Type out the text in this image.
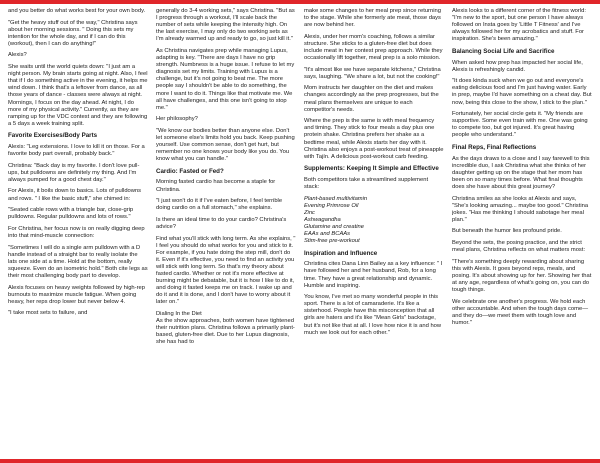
and you better do what works best for your own body.
"Get the heavy stuff out of the way," Christina says about her morning sessions. " Doing this sets my intention for the whole day, and if I can do this (workout), then I can do anything!"
Alexis?
She waits until the world quiets down: "I just am a night person. My brain starts going at night. Also, I feel that if I do something active in the evening, it helps me wind down. I think that's a leftover from dance, as all those years of dance - classes were always at night. Mornings, I focus on the day ahead. At night, I do more of my physical activity." Currently, as they are ramping up for the VDC contest and they are following a 5 days a week training split.
Favorite Exercises/Body Parts
Alexis: "Leg extensions. I love to kill it on those. For a favorite body part overall, probably back."
Christina: "Back day is my favorite. I don't love pull-ups, but pulldowns are definitely my thing. And I'm always pumped for a good chest day."
For Alexis, it boils down to basics. Lots of pulldowns and rows. " I like the basic stuff," she chimed in:
"Seated cable rows with a triangle bar, close-grip pulldowns. Regular pulldowns and lots of rows."
For Christina, her focus now is on really digging deep into that mind-muscle connection:
"Sometimes I will do a single arm pulldown with a D handle instead of a straight bar to really isolate the lats one side at a time. Hold at the bottom, really squeeze. Even do an isometric hold." Both cite legs as their most challenging body part to develop.
Alexis focuses on heavy weights followed by high-rep burnouts to maximize muscle fatigue. When going heavy, her reps drop lower but never below 4.
"I take most sets to failure, and
generally do 3-4 working sets," says Christina. "But as I progress through a workout, I'll scale back the number of sets while keeping the intensity high. On the last exercise, I may only do two working sets as I'm already warmed up and ready to go, so just kill it."
As Christina navigates prep while managing Lupus, adapting is key. "There are days I have no grip strength. Numbness is a huge issue. I refuse to let my diagnosis set my limits. Training with Lupus is a challenge, but it's not going to beat me. The more people say I shouldn't be able to do something, the more I want to do it. Things like that motivate me. We all have challenges, and this one isn't going to stop me."
Her philosophy?
"We know our bodies better than anyone else. Don't let someone else's limits hold you back. Keep pushing yourself. Use common sense, don't get hurt, but remember no one knows your body like you do. You know what you can handle."
Cardio: Fasted or Fed?
Morning fasted cardio has become a staple for Christina.
"I just won't do it if I've eaten before, I feel terrible doing cardio on a full stomach," she explains.
Is there an ideal time to do your cardio? Christina's advice?
Find what you'll stick with long term. As she explains, " I feel you should do what works for you and stick to it. For example, if you hate doing the step mill, don't do it. Even if it's effective, you need to find an activity you will stick with long term. So that's my theory about fasted cardio. Whether or not it's more effective at burning might be debatable, but it is how I like to do it, and doing it fasted keeps me on track. I wake up and do it and it is done, and I don't have to worry about it later on."
Dialing In the Diet
As the show approaches, both women have tightened their nutrition plans. Christina follows a primarily plant-based, gluten-free diet. Due to her Lupus diagnosis, she has had to
make some changes to her meal prep since returning to the stage. While she formerly ate meat, those days are now behind her.
Alexis, under her mom's coaching, follows a similar structure. She sticks to a gluten-free diet but does include meat in her contest prep approach. While they occasionally lift together, meal prep is a solo mission.
"It's almost like we have separate kitchens," Christina says, laughing. "We share a lot, but not the cooking!"
Mom instructs her daughter on the diet and makes changes accordingly as the prep progresses, but the meal plans themselves are unique to each competitor's needs.
Where the prep is the same is with meal frequency and timing. They stick to four meals a day plus one protein shake. Christina prefers her shake as a bedtime meal, while Alexis starts her day with it. Christina also enjoys a post-workout treat of pineapple with Tajín. A delicious post-workout carb feeding.
Supplements: Keeping It Simple and Effective
Both competitors take a streamlined supplement stack:
Plant-based multivitamin
Evening Primrose Oil
Zinc
Ashwagandha
Glutamine and creatine
EAAs and BCAAs
Stim-free pre-workout
Inspiration and Influence
Christina cites Dana Linn Bailey as a key influence: " I have followed her and her husband, Rob, for a long time. They have a great relationship and dynamic. Humble and inspiring.
You know, I've met so many wonderful people in this sport. There is a lot of camaraderie. It's like a sisterhood. People have this misconception that all girls are haters and it's like "Mean Girls" backstage, but it's not like that at all. I love how nice it is and how much we look out for each other."
Alexis looks to a different corner of the fitness world: "I'm new to the sport, but one person I have always followed on Insta goes by 'Little T Fitness' and I've always followed her for my acrobatics and stuff. For inspiration. She's been amazing."
Balancing Social Life and Sacrifice
When asked how prep has impacted her social life, Alexis is refreshingly candid.
"It does kinda suck when we go out and everyone's eating delicious food and I'm just having water. Early in prep, maybe I'd have something on a cheat day. But now, being this close to the show, I stick to the plan."
Fortunately, her social circle gets it. "My friends are supportive. Some even train with me. One was going to compete too, but got injured. It's great having people who understand."
Final Reps, Final Reflections
As the days draws to a close and I say farewell to this incredible duo, I ask Christina what she thinks of her daughter getting up on the stage that her mom has been on so many times before. What final thoughts does she have about this great journey?
Christina smiles as she looks at Alexis and says, "She's looking amazing... maybe too good." Christina jokes. "Has me thinking I should sabotage her meal plan."
But beneath the humor lies profound pride.
Beyond the sets, the posing practice, and the strict meal plans, Christina reflects on what matters most:
"There's something deeply rewarding about sharing this with Alexis. It goes beyond reps, meals, and posing. It's about showing up for her. Showing her that at any age, regardless of what's going on, you can do tough things.
We celebrate one another's progress. We hold each other accountable. And when the tough days come—and they do—we meet them with tough love and humor."
